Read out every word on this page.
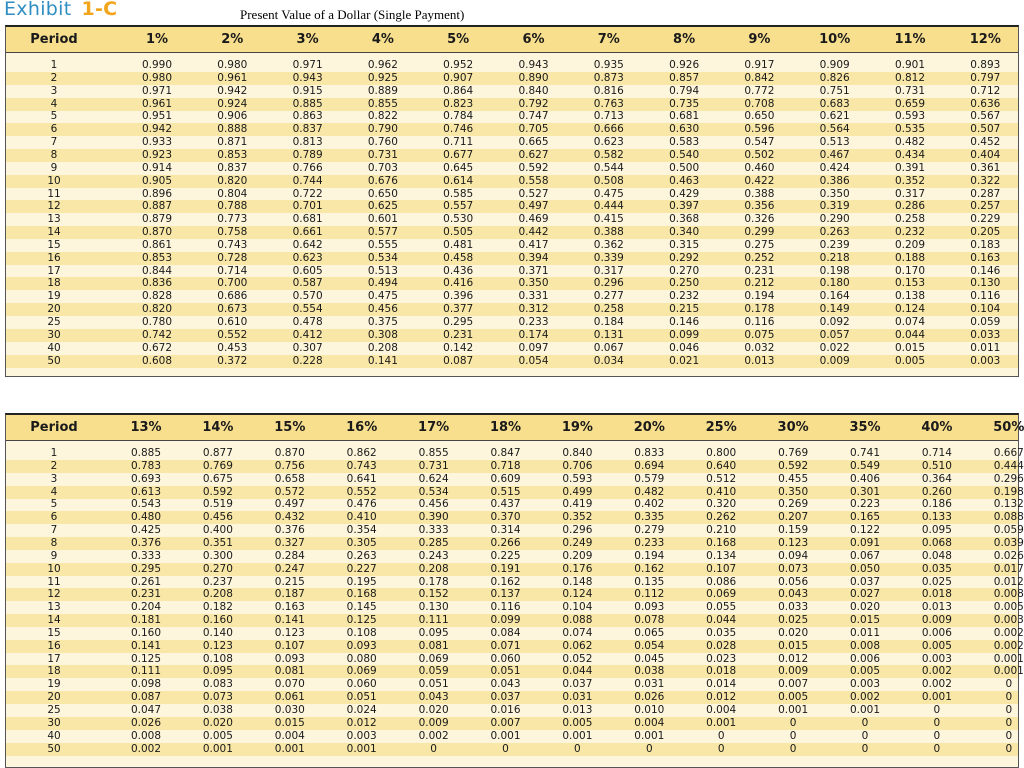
Exhibit 1-C	Present Value of a Dollar (Single Payment)
Period	1%	2%	3%	4%	5%	6%	7%	8%	9%	10%	11%	12%
1	0.990	0.980	0.971	0.962	0.952	0.943	0.935	0.926	0.917	0.909	0.901	0.893
2	0.980	0.961	0.943	0.925	0.907	0.890	0.873	0.857	0.842	0.826	0.812	0.797
3	0.971	0.942	0.915	0.889	0.864	0.840	0.816	0.794	0.772	0.751	0.731	0.712
4	0.961	0.924	0.885	0.855	0.823	0.792	0.763	0.735	0.708	0.683	0.659	0.636
5	0.951	0.906	0.863	0.822	0.784	0.747	0.713	0.681	0.650	0.621	0.593	0.567
6	0.942	0.888	0.837	0.790	0.746	0.705	0.666	0.630	0.596	0.564	0.535	0.507
7	0.933	0.871	0.813	0.760	0.711	0.665	0.623	0.583	0.547	0.513	0.482	0.452
8	0.923	0.853	0.789	0.731	0.677	0.627	0.582	0.540	0.502	0.467	0.434	0.404
9	0.914	0.837	0.766	0.703	0.645	0.592	0.544	0.500	0.460	0.424	0.391	0.361
10	0.905	0.820	0.744	0.676	0.614	0.558	0.508	0.463	0.422	0.386	0.352	0.322
11	0.896	0.804	0.722	0.650	0.585	0.527	0.475	0.429	0.388	0.350	0.317	0.287
12	0.887	0.788	0.701	0.625	0.557	0.497	0.444	0.397	0.356	0.319	0.286	0.257
13	0.879	0.773	0.681	0.601	0.530	0.469	0.415	0.368	0.326	0.290	0.258	0.229
14	0.870	0.758	0.661	0.577	0.505	0.442	0.388	0.340	0.299	0.263	0.232	0.205
15	0.861	0.743	0.642	0.555	0.481	0.417	0.362	0.315	0.275	0.239	0.209	0.183
16	0.853	0.728	0.623	0.534	0.458	0.394	0.339	0.292	0.252	0.218	0.188	0.163
17	0.844	0.714	0.605	0.513	0.436	0.371	0.317	0.270	0.231	0.198	0.170	0.146
18	0.836	0.700	0.587	0.494	0.416	0.350	0.296	0.250	0.212	0.180	0.153	0.130
19	0.828	0.686	0.570	0.475	0.396	0.331	0.277	0.232	0.194	0.164	0.138	0.116
20	0.820	0.673	0.554	0.456	0.377	0.312	0.258	0.215	0.178	0.149	0.124	0.104
25	0.780	0.610	0.478	0.375	0.295	0.233	0.184	0.146	0.116	0.092	0.074	0.059
30	0.742	0.552	0.412	0.308	0.231	0.174	0.131	0.099	0.075	0.057	0.044	0.033
40	0.672	0.453	0.307	0.208	0.142	0.097	0.067	0.046	0.032	0.022	0.015	0.011
50	0.608	0.372	0.228	0.141	0.087	0.054	0.034	0.021	0.013	0.009	0.005	0.003
Period	13%	14%	15%	16%	17%	18%	19%	20%	25%	30%	35%	40%	50%
1	0.885	0.877	0.870	0.862	0.855	0.847	0.840	0.833	0.800	0.769	0.741	0.714	0.667
2	0.783	0.769	0.756	0.743	0.731	0.718	0.706	0.694	0.640	0.592	0.549	0.510	0.444
3	0.693	0.675	0.658	0.641	0.624	0.609	0.593	0.579	0.512	0.455	0.406	0.364	0.296
4	0.613	0.592	0.572	0.552	0.534	0.515	0.499	0.482	0.410	0.350	0.301	0.260	0.198
5	0.543	0.519	0.497	0.476	0.456	0.437	0.419	0.402	0.320	0.269	0.223	0.186	0.132
6	0.480	0.456	0.432	0.410	0.390	0.370	0.352	0.335	0.262	0.207	0.165	0.133	0.088
7	0.425	0.400	0.376	0.354	0.333	0.314	0.296	0.279	0.210	0.159	0.122	0.095	0.059
8	0.376	0.351	0.327	0.305	0.285	0.266	0.249	0.233	0.168	0.123	0.091	0.068	0.039
9	0.333	0.300	0.284	0.263	0.243	0.225	0.209	0.194	0.134	0.094	0.067	0.048	0.026
10	0.295	0.270	0.247	0.227	0.208	0.191	0.176	0.162	0.107	0.073	0.050	0.035	0.017
11	0.261	0.237	0.215	0.195	0.178	0.162	0.148	0.135	0.086	0.056	0.037	0.025	0.012
12	0.231	0.208	0.187	0.168	0.152	0.137	0.124	0.112	0.069	0.043	0.027	0.018	0.008
13	0.204	0.182	0.163	0.145	0.130	0.116	0.104	0.093	0.055	0.033	0.020	0.013	0.005
14	0.181	0.160	0.141	0.125	0.111	0.099	0.088	0.078	0.044	0.025	0.015	0.009	0.003
15	0.160	0.140	0.123	0.108	0.095	0.084	0.074	0.065	0.035	0.020	0.011	0.006	0.002
16	0.141	0.123	0.107	0.093	0.081	0.071	0.062	0.054	0.028	0.015	0.008	0.005	0.002
17	0.125	0.108	0.093	0.080	0.069	0.060	0.052	0.045	0.023	0.012	0.006	0.003	0.001
18	0.111	0.095	0.081	0.069	0.059	0.051	0.044	0.038	0.018	0.009	0.005	0.002	0.001
19	0.098	0.083	0.070	0.060	0.051	0.043	0.037	0.031	0.014	0.007	0.003	0.002	0
20	0.087	0.073	0.061	0.051	0.043	0.037	0.031	0.026	0.012	0.005	0.002	0.001	0
25	0.047	0.038	0.030	0.024	0.020	0.016	0.013	0.010	0.004	0.001	0.001	0	0
30	0.026	0.020	0.015	0.012	0.009	0.007	0.005	0.004	0.001	0	0	0	0
40	0.008	0.005	0.004	0.003	0.002	0.001	0.001	0.001	0	0	0	0	0
50	0.002	0.001	0.001	0.001	0	0	0	0	0	0	0	0	0
